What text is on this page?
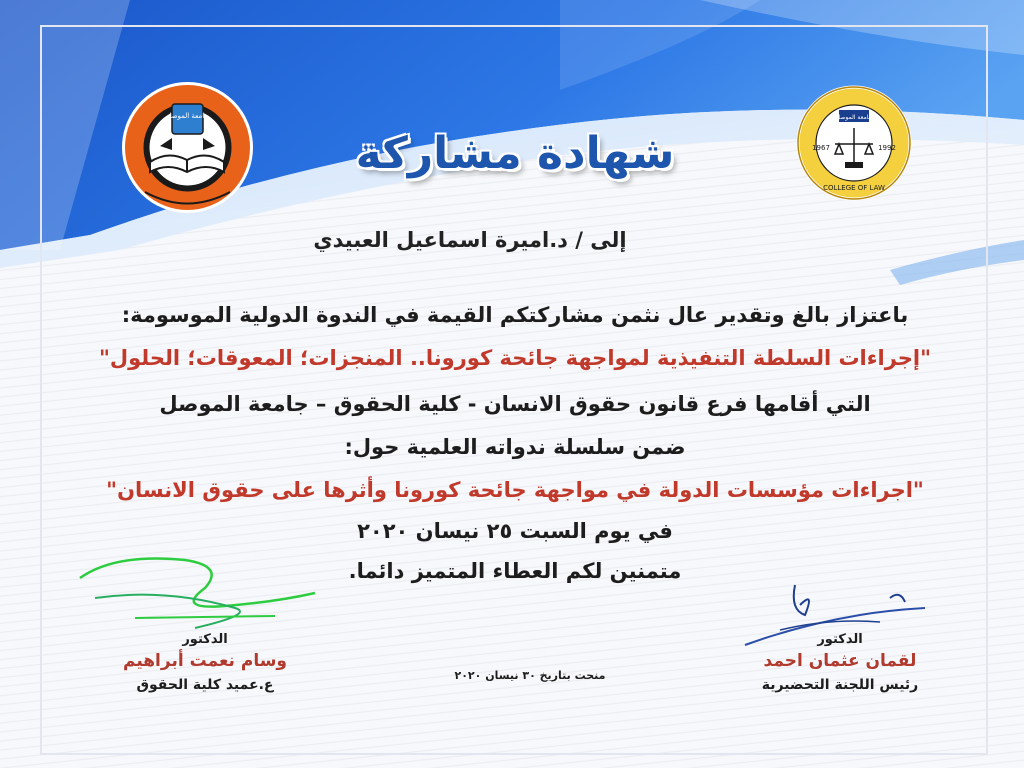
جامعة الموصل	جامعة الموصل
1967	1992
COLLEGE OF LAW
شهادة مشاركة
إلى / د.اميرة اسماعيل العبيدي
باعتزاز بالغ وتقدير عال نثمن مشاركتكم القيمة في الندوة الدولية الموسومة:
"إجراءات السلطة التنفيذية لمواجهة جائحة كورونا.. المنجزات؛ المعوقات؛ الحلول"
التي أقامها فرع قانون حقوق الانسان - كلية الحقوق – جامعة الموصل
ضمن سلسلة ندواته العلمية حول:
"اجراءات مؤسسات الدولة في مواجهة جائحة كورونا وأثرها على حقوق الانسان"
في يوم السبت ٢٥ نيسان ٢٠٢٠
متمنين لكم العطاء المتميز دائما.
الدكتور
وسام نعمت أبراهيم
ع.عميد كلية الحقوق
الدكتور
لقمان عثمان احمد
رئيس اللجنة التحضيرية
منحت بتاريخ ٣٠ نيسان ٢٠٢٠
